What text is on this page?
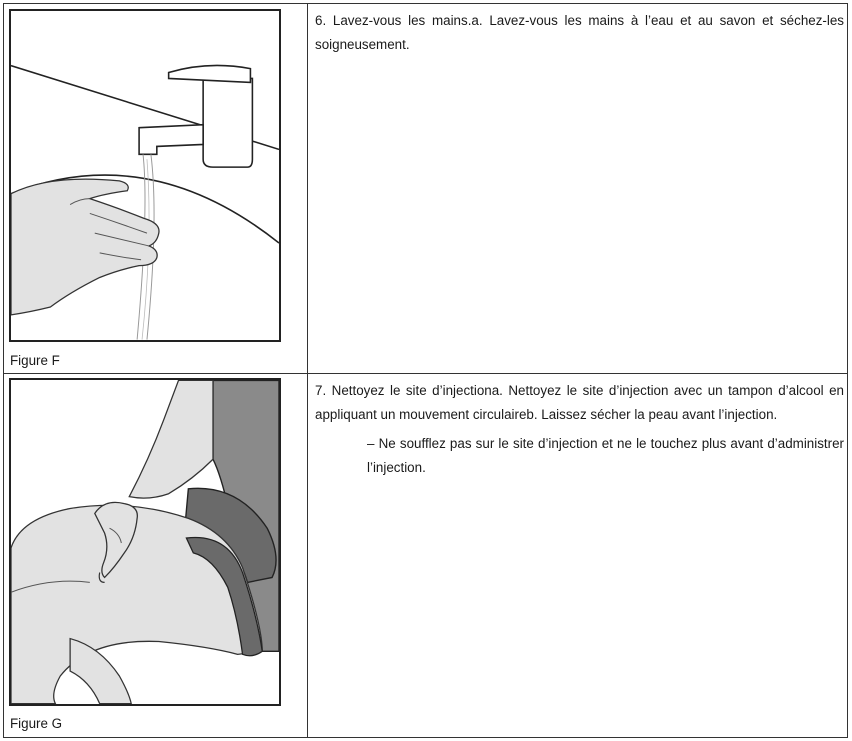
Figure F

6. Lavez-vous les mains.a. Lavez-vous les mains à l’eau et au savon et séchez-les soigneusement.

Figure G

7. Nettoyez le site d’injectiona. Nettoyez le site d’injection avec un tampon d’alcool en appliquant un mouvement circulaireb. Laissez sécher la peau avant l’injection.

– Ne soufflez pas sur le site d’injection et ne le touchez plus avant d’administrer l’injection.
